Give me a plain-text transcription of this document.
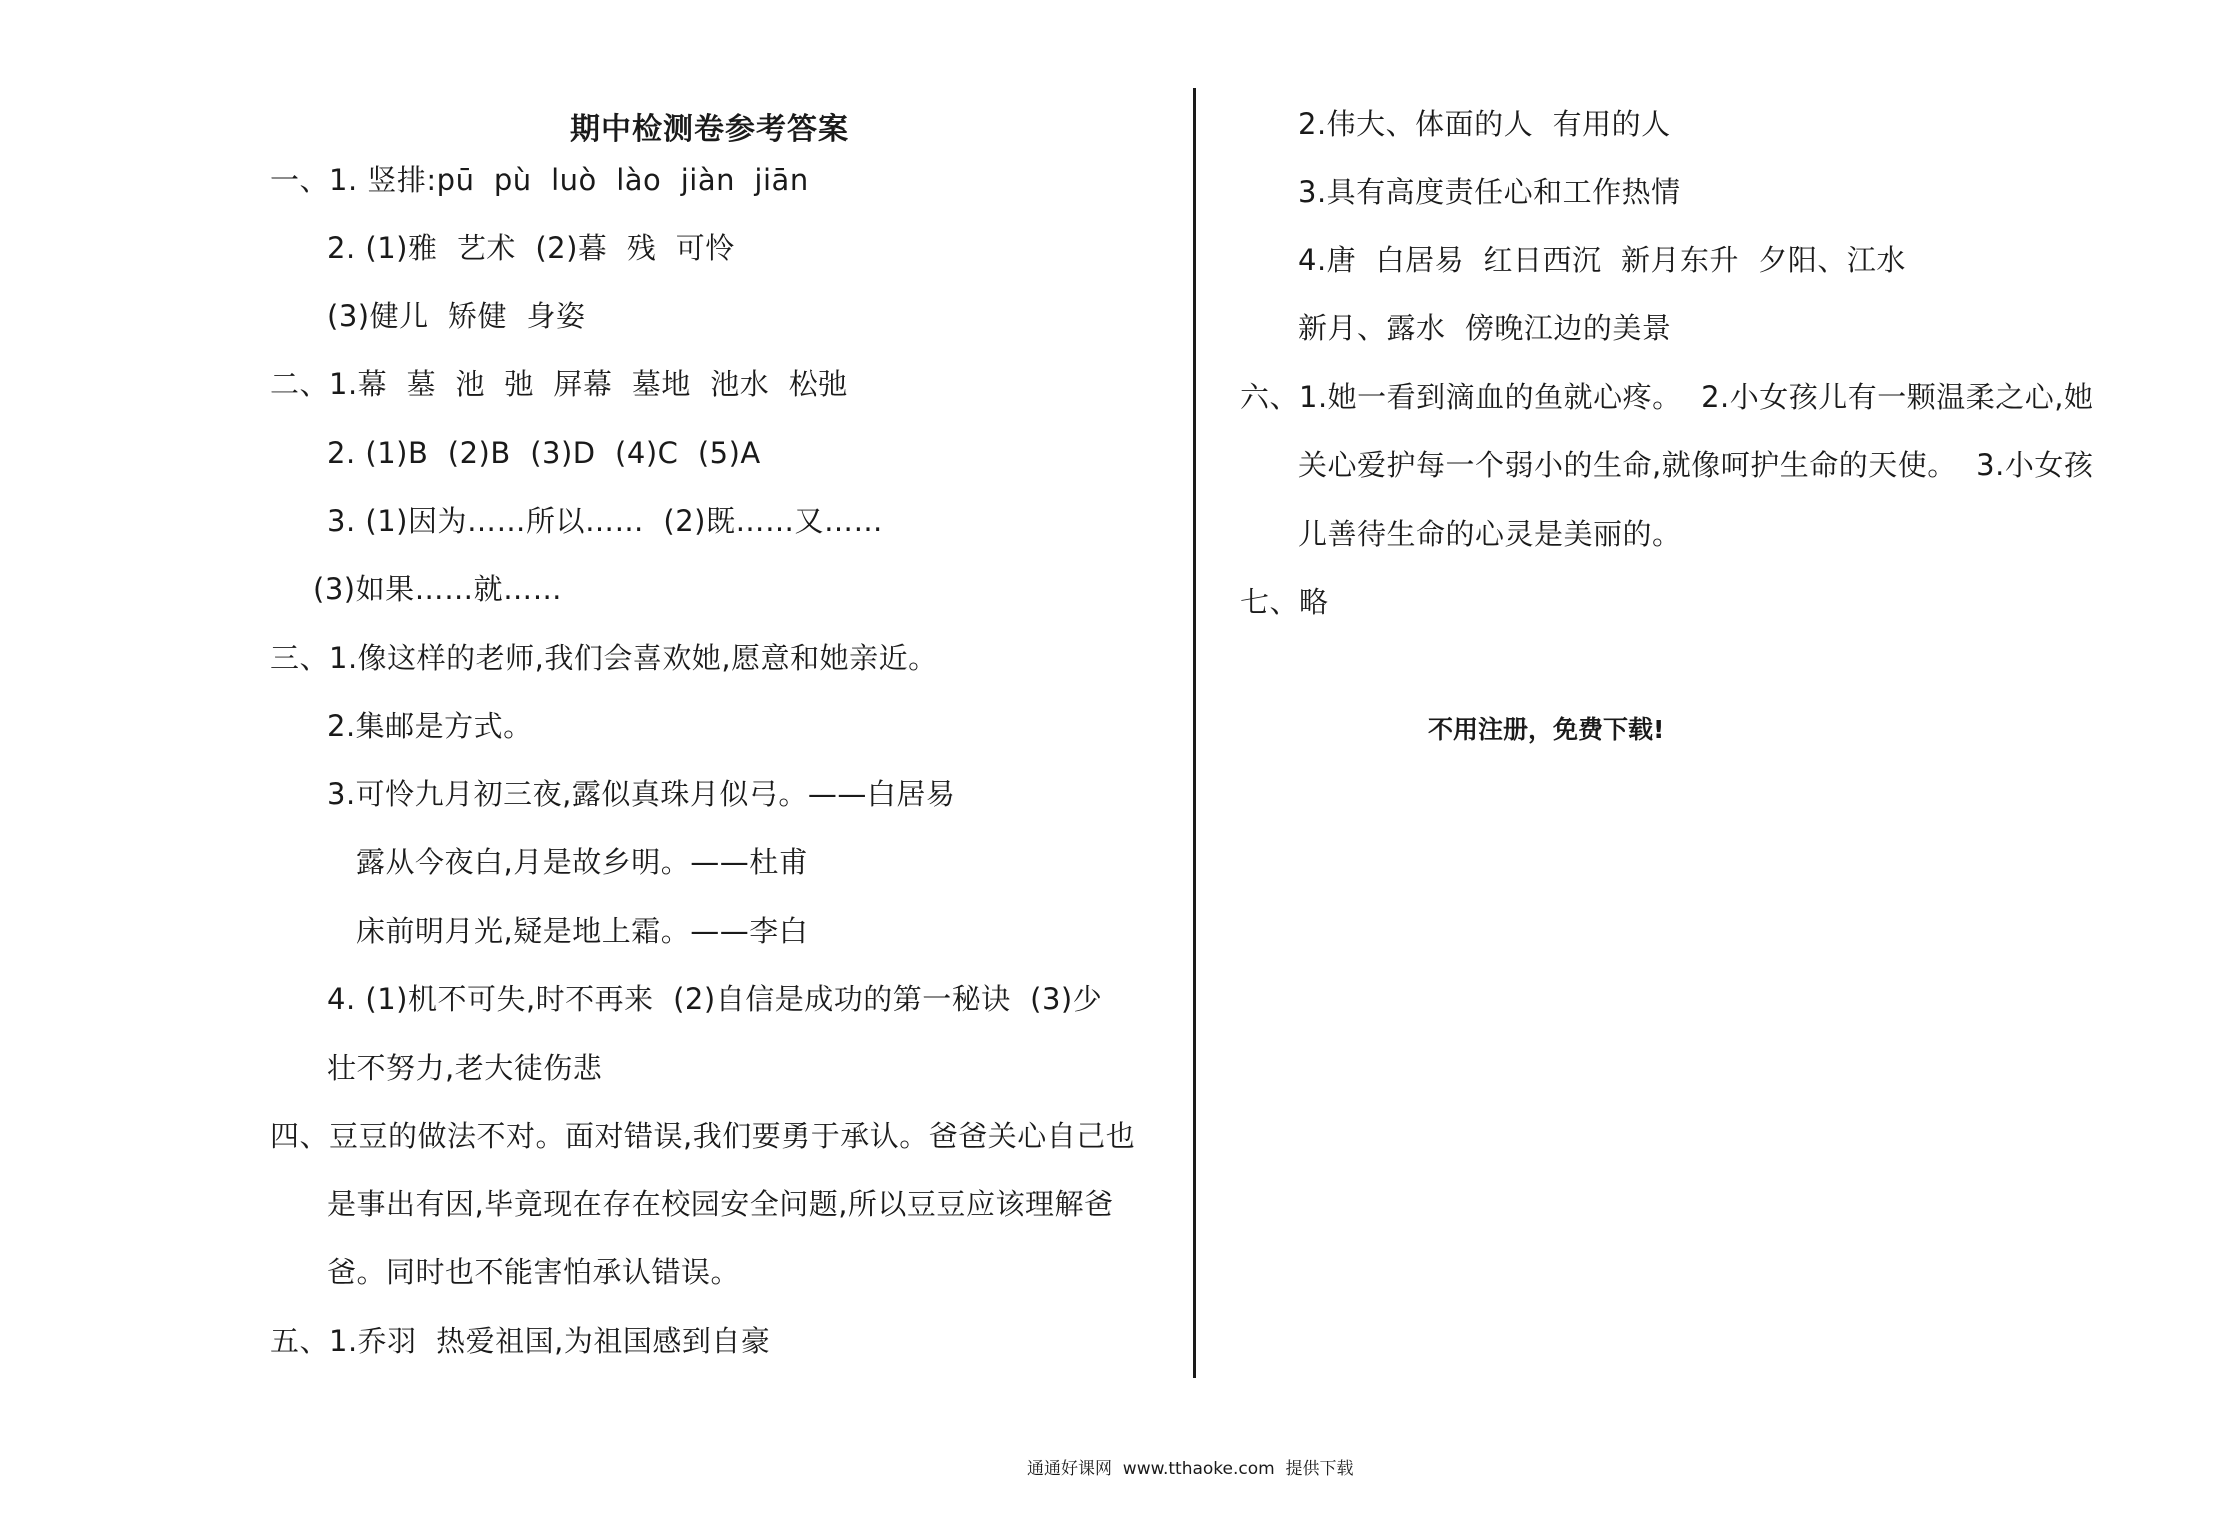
期中检测卷参考答案
一、1. 竖排:pū  pù  luò  lào  jiàn  jiān
2. (1)雅  艺术  (2)暮  残  可怜
(3)健儿  矫健  身姿
二、1.幕  墓  池  弛  屏幕  墓地  池水  松弛
2. (1)B  (2)B  (3)D  (4)C  (5)A
3. (1)因为……所以……  (2)既……又……
(3)如果……就……
三、1.像这样的老师,我们会喜欢她,愿意和她亲近。
2.集邮是方式。
3.可怜九月初三夜,露似真珠月似弓。——白居易
露从今夜白,月是故乡明。——杜甫
床前明月光,疑是地上霜。——李白
4. (1)机不可失,时不再来  (2)自信是成功的第一秘诀  (3)少
壮不努力,老大徒伤悲
四、豆豆的做法不对。面对错误,我们要勇于承认。爸爸关心自己也
是事出有因,毕竟现在存在校园安全问题,所以豆豆应该理解爸
爸。同时也不能害怕承认错误。
五、1.乔羽  热爱祖国,为祖国感到自豪
2.伟大、体面的人  有用的人
3.具有高度责任心和工作热情
4.唐  白居易  红日西沉  新月东升  夕阳、江水
新月、露水  傍晚江边的美景
六、1.她一看到滴血的鱼就心疼。  2.小女孩儿有一颗温柔之心,她
关心爱护每一个弱小的生命,就像呵护生命的天使。  3.小女孩
儿善待生命的心灵是美丽的。
七、略
不用注册，免费下载!
通通好课网  www.tthaoke.com  提供下载
